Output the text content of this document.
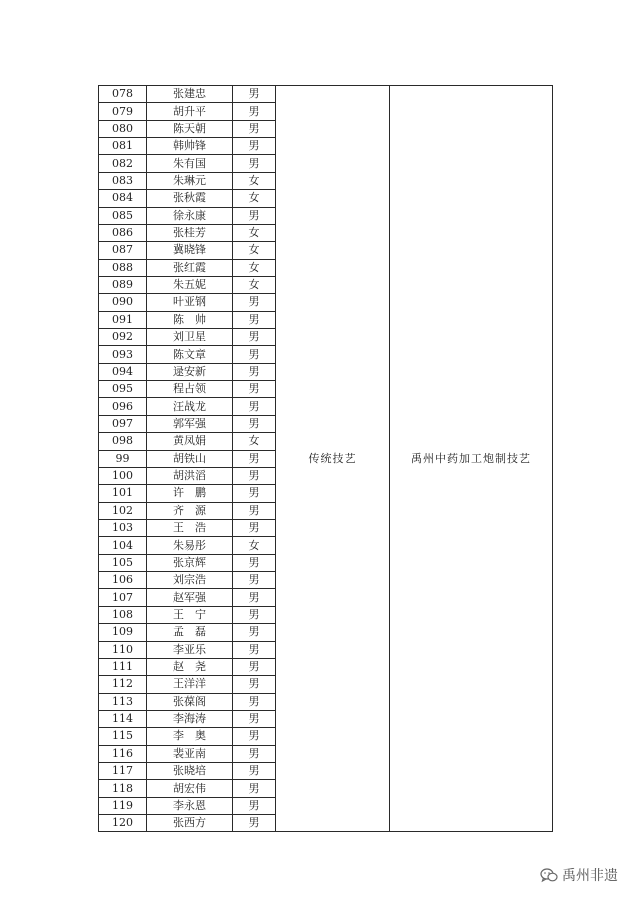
078	张建忠	男	传统技艺	禹州中药加工炮制技艺
079	胡升平	男		
080	陈天朝	男		
081	韩帅锋	男		
082	朱有国	男		
083	朱琳元	女		
084	张秋霞	女		
085	徐永康	男		
086	张桂芳	女		
087	冀晓锋	女		
088	张红霞	女		
089	朱五妮	女		
090	叶亚钢	男		
091	陈　帅	男		
092	刘卫星	男		
093	陈文章	男		
094	逯安新	男		
095	程占领	男		
096	汪战龙	男		
097	郭军强	男		
098	黄凤娟	女		
99	胡铁山	男		
100	胡洪滔	男		
101	许　鹏	男		
102	齐　源	男		
103	王　浩	男		
104	朱易彤	女		
105	张京辉	男		
106	刘宗浩	男		
107	赵军强	男		
108	王　宁	男		
109	孟　磊	男		
110	李亚乐	男		
111	赵　尧	男		
112	王洋洋	男		
113	张葆阁	男		
114	李海涛	男		
115	李　奥	男		
116	裴亚南	男		
117	张晓培	男		
118	胡宏伟	男		
119	李永恩	男		
120	张西方	男		
禹州非遗
